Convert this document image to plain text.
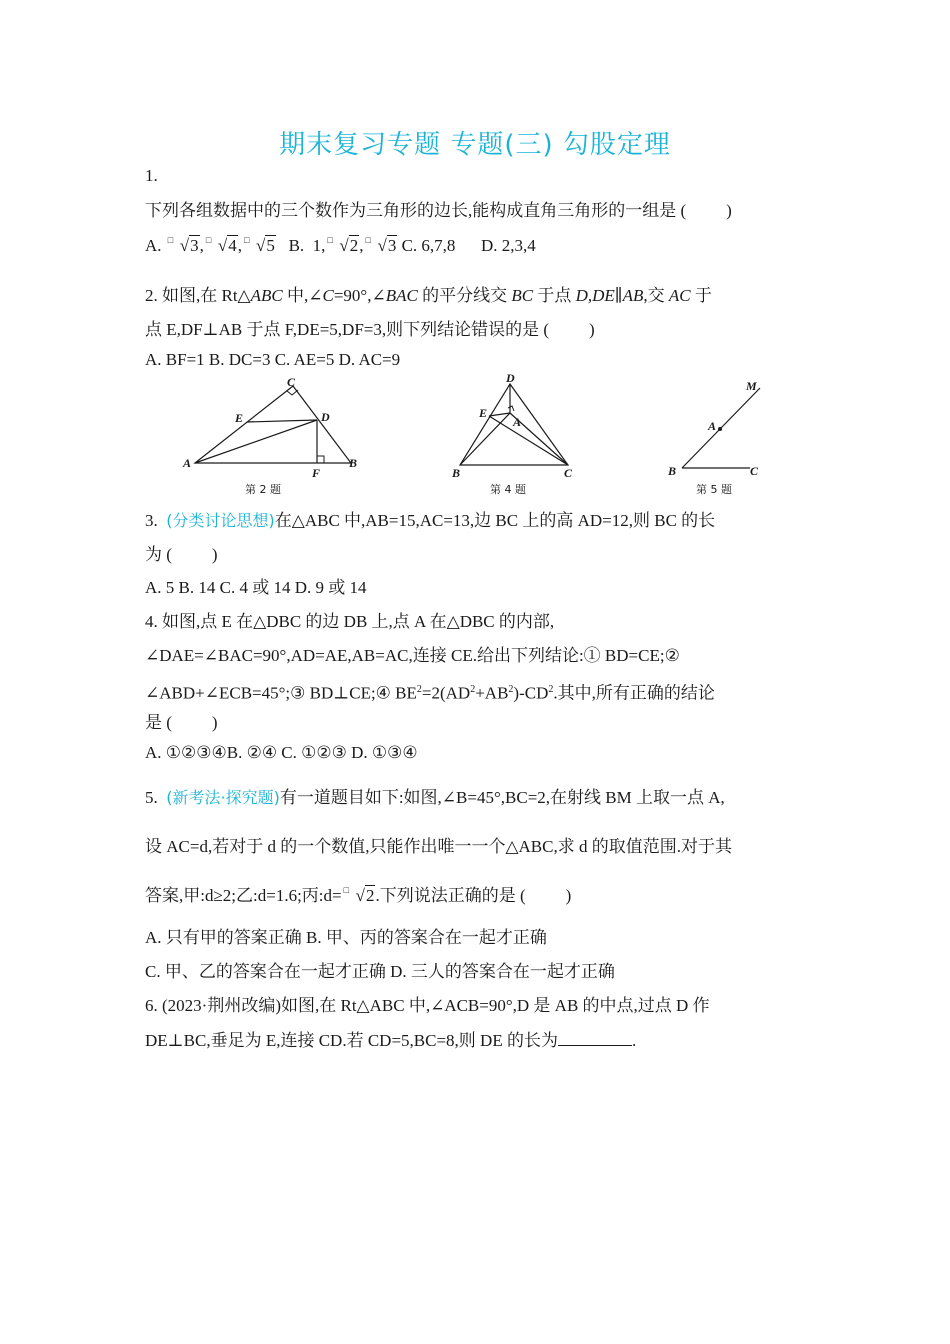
期末复习专题 专题(三) 勾股定理
1.
下列各组数据中的三个数作为三角形的边长,能构成直角三角形的一组是 ( )
A. □ √3, □ √4, □ √5 B. 1, □ √2, □ √3 C. 6,7,8 D. 2,3,4
2. 如图,在 Rt△ABC 中,∠C=90°,∠BAC 的平分线交 BC 于点 D,DE∥AB,交 AC 于
点 E,DF⊥AB 于点 F,DE=5,DF=3,则下列结论错误的是 ( )
A. BF=1 B. DC=3 C. AE=5 D. AC=9
C
E	D
A
F
B
第 2 题
D
E
A
B	C
第 4 题
M
A
B	C
第 5 题
3. (分类讨论思想)在△ABC 中,AB=15,AC=13,边 BC 上的高 AD=12,则 BC 的长
为 ( )
A. 5 B. 14 C. 4 或 14 D. 9 或 14
4. 如图,点 E 在△DBC 的边 DB 上,点 A 在△DBC 的内部,
∠DAE=∠BAC=90°,AD=AE,AB=AC,连接 CE.给出下列结论:① BD=CE;②
∠ABD+∠ECB=45°;③ BD⊥CE;④ $BE^2=2(AD^2+AB^2)-CD^2$.其中,所有正确的结论
是 ( )
A. ①②③④B. ②④ C. ①②③ D. ①③④
5. (新考法·探究题)有一道题目如下:如图,∠B=45°,BC=2,在射线 BM 上取一点 A,
设 AC=d,若对于 d 的一个数值,只能作出唯一一个△ABC,求 d 的取值范围.对于其
答案,甲:d≥2;乙:d=1.6;丙:d= □ √2.下列说法正确的是 ( )
A. 只有甲的答案正确 B. 甲、丙的答案合在一起才正确
C. 甲、乙的答案合在一起才正确 D. 三人的答案合在一起才正确
6. (2023·荆州改编)如图,在 Rt△ABC 中,∠ACB=90°,D 是 AB 的中点,过点 D 作
DE⊥BC,垂足为 E,连接 CD.若 CD=5,BC=8,则 DE 的长为	.
